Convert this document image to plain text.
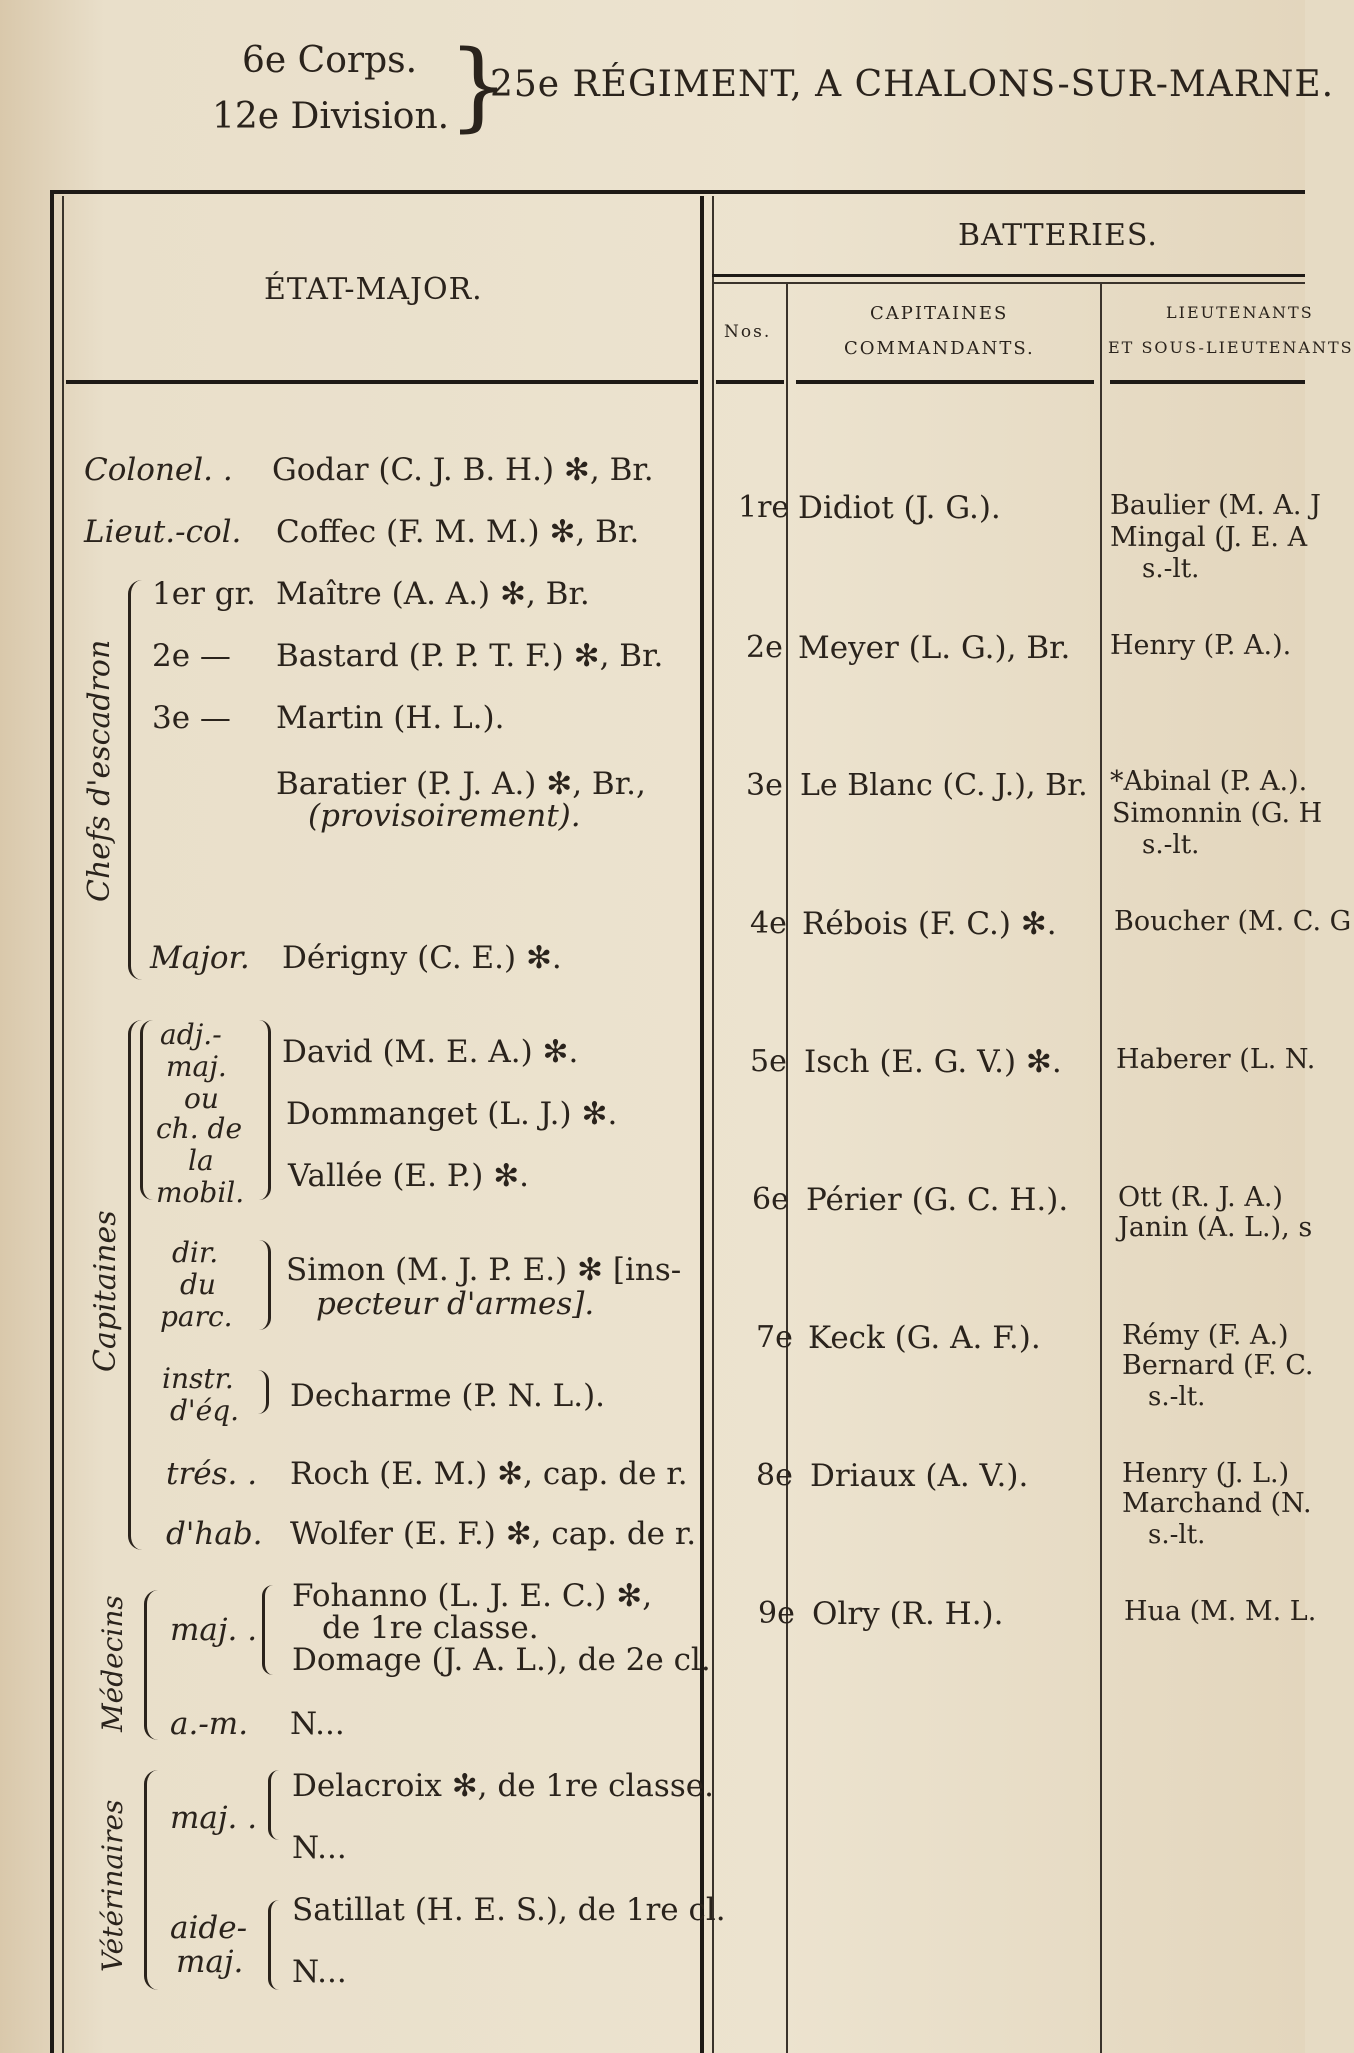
6e Corps.
12e Division.
}
25e RÉGIMENT, A CHALONS-SUR-MARNE.
ÉTAT-MAJOR.
BATTERIES.
Nos.
CAPITAINES
COMMANDANTS.
LIEUTENANTS
ET SOUS-LIEUTENANTS
Chefs d'escadron
Capitaines
Médecins
Vétérinaires
Colonel. .
Lieut.-col.
1er gr.
2e —
3e —
Major.
adj.-
maj.
ou
ch. de
la
mobil.
dir.
du
parc.
instr.
d'éq.
trés. .
d'hab.
maj. .
a.-m.
maj. .
aide-
maj.
Godar (C. J. B. H.) ✻, Br.
Coffec (F. M. M.) ✻, Br.
Maître (A. A.) ✻, Br.
Bastard (P. P. T. F.) ✻, Br.
Martin (H. L.).
Baratier (P. J. A.) ✻, Br.,
(provisoirement).
Dérigny (C. E.) ✻.
David (M. E. A.) ✻.
Dommanget (L. J.) ✻.
Vallée (E. P.) ✻.
Simon (M. J. P. E.) ✻ [ins-
pecteur d'armes].
Decharme (P. N. L.).
Roch (E. M.) ✻, cap. de r.
Wolfer (E. F.) ✻, cap. de r.
Fohanno (L. J. E. C.) ✻,
de 1re classe.
Domage (J. A. L.), de 2e cl.
N...
Delacroix ✻, de 1re classe.
N...
Satillat (H. E. S.), de 1re cl.
N...
1re
2e
3e
4e
5e
6e
7e
8e
9e
Didiot (J. G.).
Meyer (L. G.), Br.
Le Blanc (C. J.), Br.
Rébois (F. C.) ✻.
Isch (E. G. V.) ✻.
Périer (G. C. H.).
Keck (G. A. F.).
Driaux (A. V.).
Olry (R. H.).
Baulier (M. A. J
Mingal (J. E. A
s.-lt.
Henry (P. A.).
*Abinal (P. A.).
Simonnin (G. H
s.-lt.
Boucher (M. C. G
Haberer (L. N.
Ott (R. J. A.)
Janin (A. L.), s
Rémy (F. A.)
Bernard (F. C.
s.-lt.
Henry (J. L.)
Marchand (N.
s.-lt.
Hua (M. M. L.
